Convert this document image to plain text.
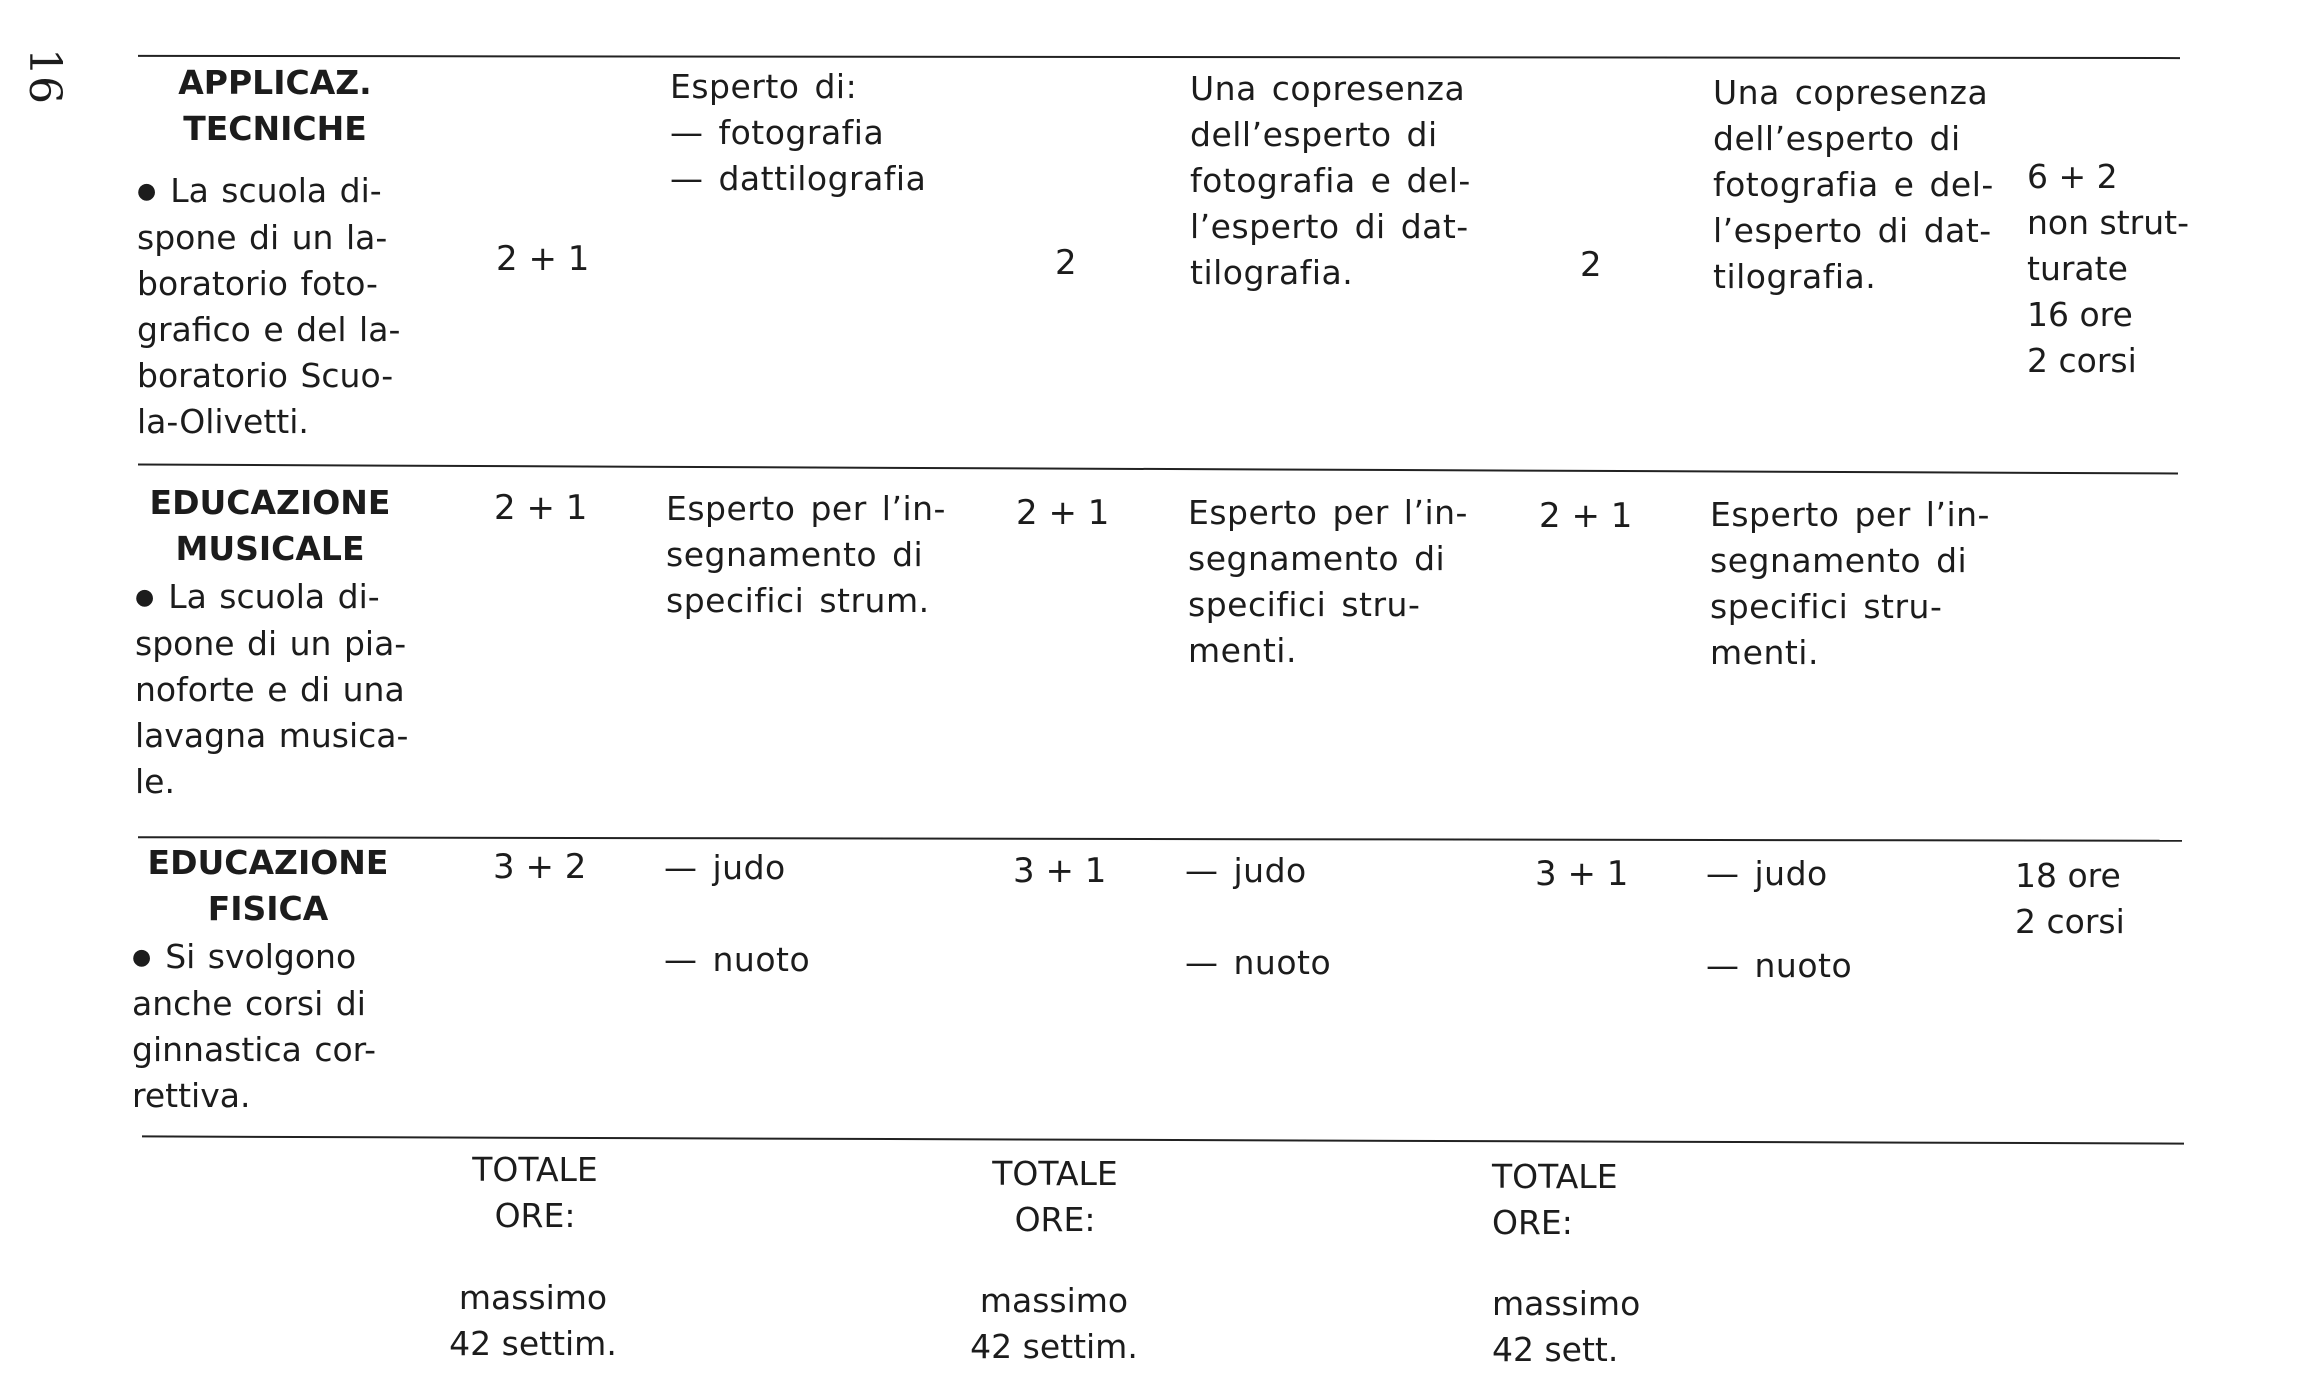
16	APPLICAZ.
TECNICHE
● La scuola di-
spone di un la-
boratorio foto-
grafico e del la-
boratorio Scuo-
la-Olivetti.
2 + 1
Esperto di:
— fotografia
— dattilografia
2
Una copresenza
dell’esperto di
fotografia e del-
l’esperto di dat-
tilografia.	2
Una copresenza
dell’esperto di
fotografia e del-
l’esperto di dat-
tilografia.
6 + 2
non strut-
turate
16 ore
2 corsi
EDUCAZIONE
MUSICALE
● La scuola di-
spone di un pia-
noforte e di una
lavagna musica-
le.
2 + 1 Esperto per l’in-
segnamento di
specifici strum.
2 + 1 Esperto per l’in-
segnamento di
specifici stru-
menti.
2 + 1 Esperto per l’in-
segnamento di
specifici stru-
menti.
EDUCAZIONE
FISICA
● Si svolgono
anche corsi di
ginnastica cor-
rettiva.
3 + 2 — judo
— nuoto
3 + 1 — judo
— nuoto
3 + 1 — judo
— nuoto
18 ore
2 corsi
TOTALE
ORE:
massimo
42 settim.
TOTALE
ORE:
massimo
42 settim.
TOTALE
ORE:
massimo
42 sett.
